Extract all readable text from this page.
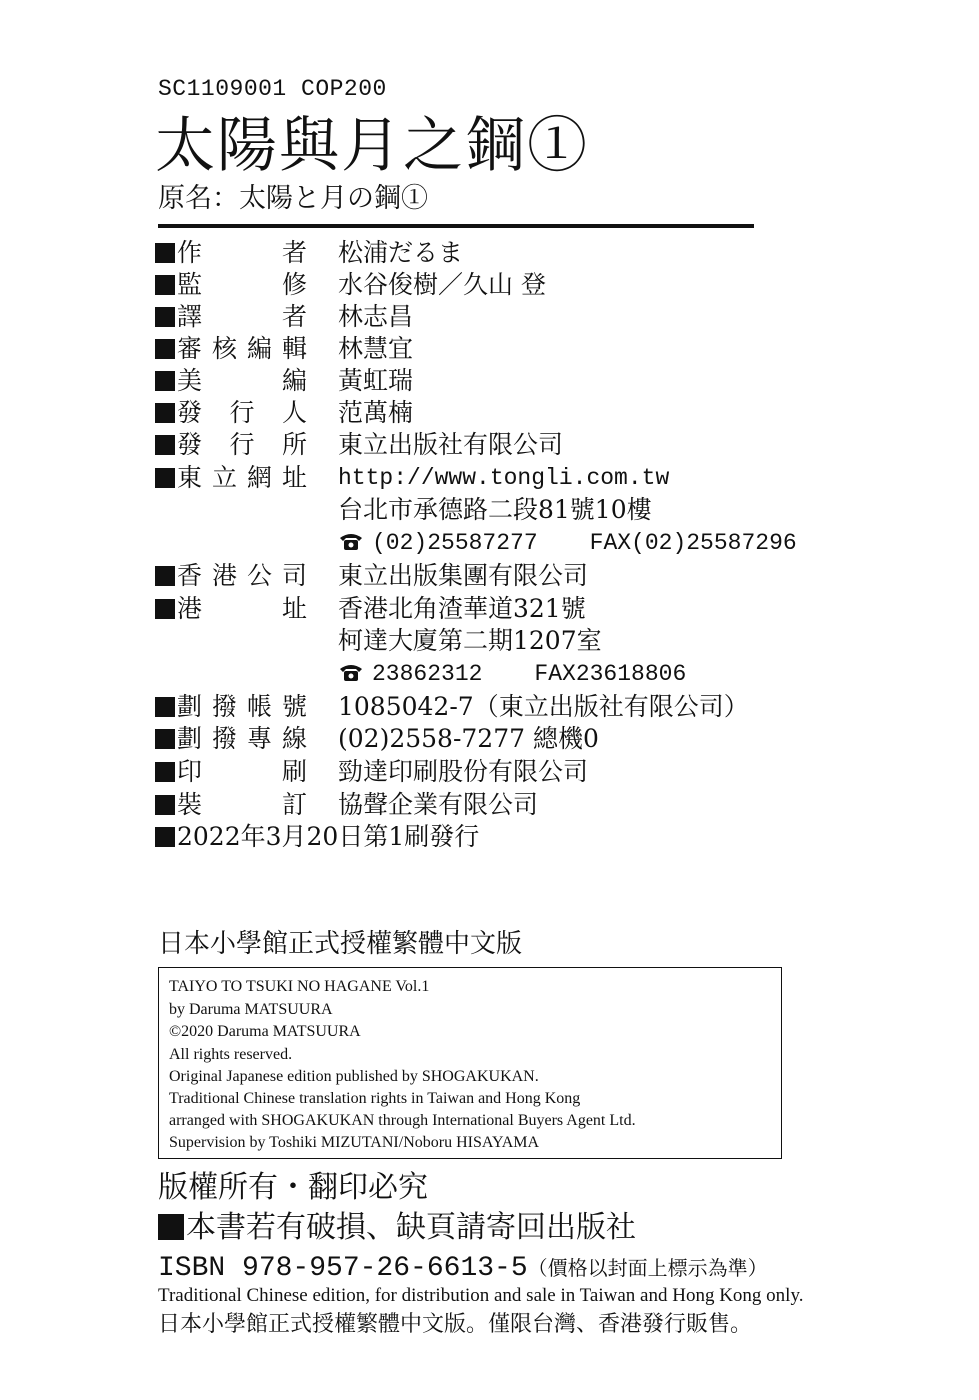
SC1109001 COP200
太陽與月之鋼①
原名：太陽と月の鋼①
作　　者 松浦だるま
監　　修 水谷俊樹／久山 登
譯　　者 林志昌
審核編輯 林慧宜
美　　編 黃虹瑞
發 行 人 范萬楠
發 行 所 東立出版社有限公司
東立網址 http://www.tongli.com.tw
台北市承德路二段81號10樓
(02)25587277 FAX(02)25587296
香港公司 東立出版集團有限公司
港　　址 香港北角渣華道321號
柯達大廈第二期1207室
23862312 FAX23618806
劃撥帳號 1085042-7（東立出版社有限公司）
劃撥專線 (02)2558-7277 總機0
印　　刷 勁達印刷股份有限公司
裝　　訂 協聲企業有限公司
2022年3月20日第1刷發行
日本小學館正式授權繁體中文版
TAIYO TO TSUKI NO HAGANE Vol.1
by Daruma MATSUURA
©2020 Daruma MATSUURA
All rights reserved.
Original Japanese edition published by SHOGAKUKAN.
Traditional Chinese translation rights in Taiwan and Hong Kong
arranged with SHOGAKUKAN through International Buyers Agent Ltd.
Supervision by Toshiki MIZUTANI/Noboru HISAYAMA
版權所有・翻印必究
本書若有破損、缺頁請寄回出版社
ISBN 978-957-26-6613-5（價格以封面上標示為準）
Traditional Chinese edition, for distribution and sale in Taiwan and Hong Kong only.
日本小學館正式授權繁體中文版。僅限台灣、香港發行販售。
